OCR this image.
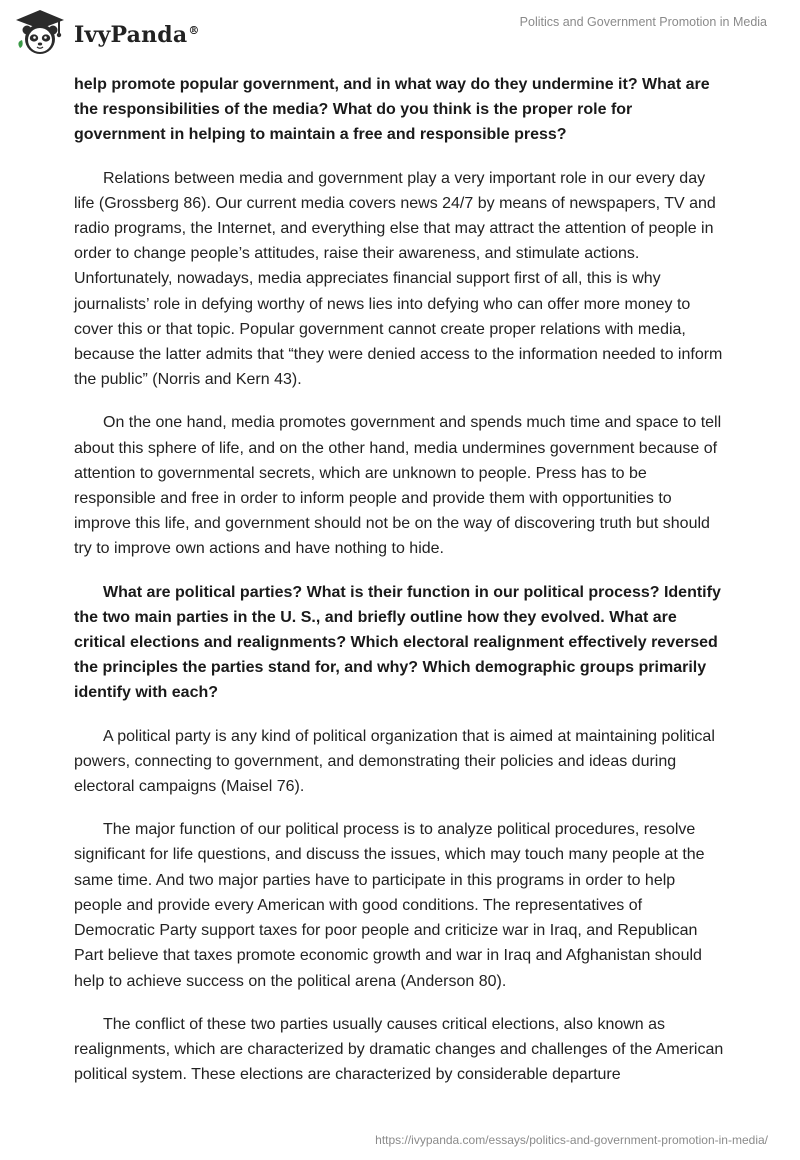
IvyPanda®
Politics and Government Promotion in Media

help promote popular government, and in what way do they undermine it? What are the responsibilities of the media? What do you think is the proper role for government in helping to maintain a free and responsible press?

Relations between media and government play a very important role in our every day life (Grossberg 86). Our current media covers news 24/7 by means of newspapers, TV and radio programs, the Internet, and everything else that may attract the attention of people in order to change people’s attitudes, raise their awareness, and stimulate actions. Unfortunately, nowadays, media appreciates financial support first of all, this is why journalists’ role in defying worthy of news lies into defying who can offer more money to cover this or that topic. Popular government cannot create proper relations with media, because the latter admits that “they were denied access to the information needed to inform the public” (Norris and Kern 43).

On the one hand, media promotes government and spends much time and space to tell about this sphere of life, and on the other hand, media undermines government because of attention to governmental secrets, which are unknown to people. Press has to be responsible and free in order to inform people and provide them with opportunities to improve this life, and government should not be on the way of discovering truth but should try to improve own actions and have nothing to hide.

What are political parties? What is their function in our political process? Identify the two main parties in the U. S., and briefly outline how they evolved. What are critical elections and realignments? Which electoral realignment effectively reversed the principles the parties stand for, and why? Which demographic groups primarily identify with each?

A political party is any kind of political organization that is aimed at maintaining political powers, connecting to government, and demonstrating their policies and ideas during electoral campaigns (Maisel 76).

The major function of our political process is to analyze political procedures, resolve significant for life questions, and discuss the issues, which may touch many people at the same time. And two major parties have to participate in this programs in order to help people and provide every American with good conditions. The representatives of Democratic Party support taxes for poor people and criticize war in Iraq, and Republican Part believe that taxes promote economic growth and war in Iraq and Afghanistan should help to achieve success on the political arena (Anderson 80).

The conflict of these two parties usually causes critical elections, also known as realignments, which are characterized by dramatic changes and challenges of the American political system. These elections are characterized by considerable departure

https://ivypanda.com/essays/politics-and-government-promotion-in-media/
